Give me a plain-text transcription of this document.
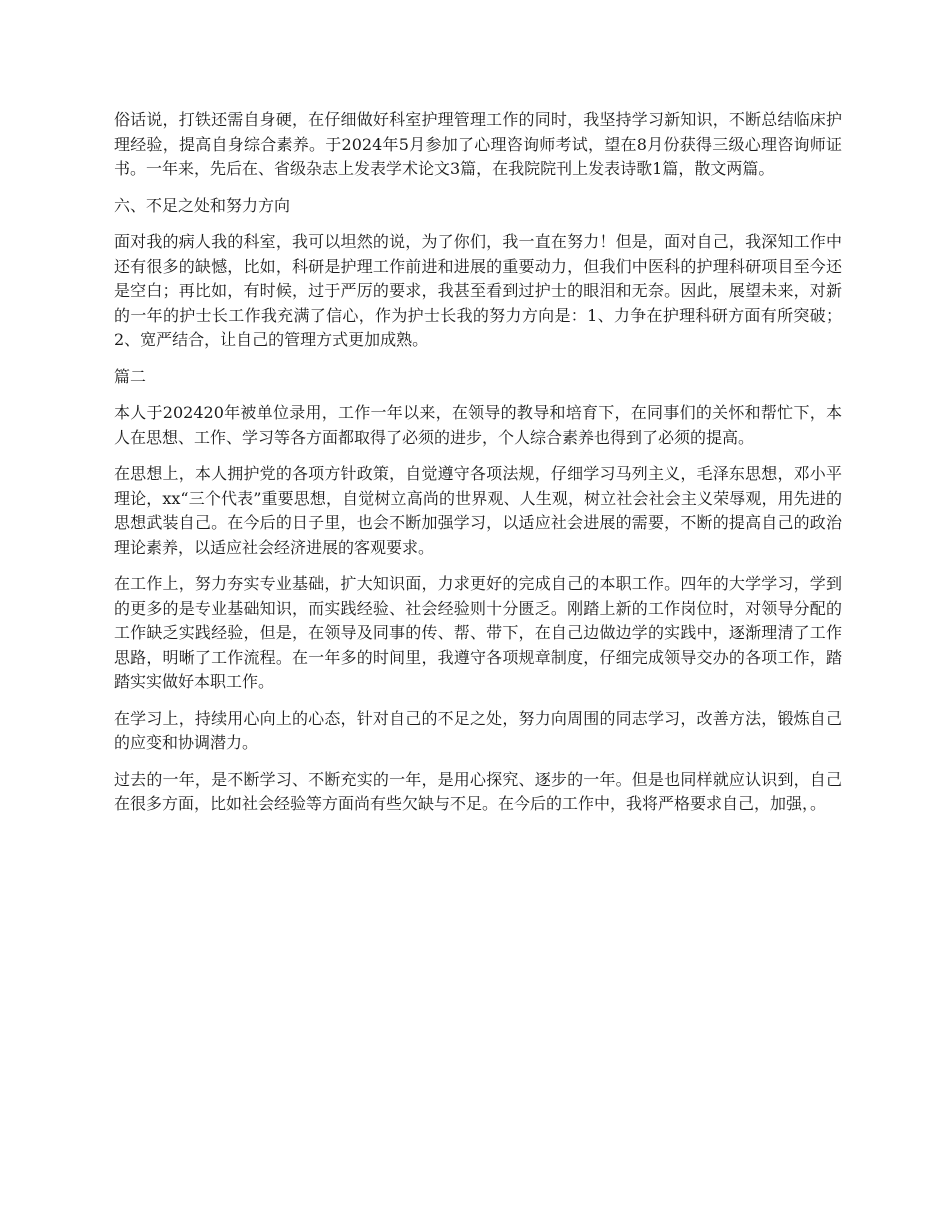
俗话说，打铁还需自身硬，在仔细做好科室护理管理工作的同时，我坚持学习新知识，不断总结临床护理经验，提高自身综合素养。于2024年5月参加了心理咨询师考试，望在8月份获得三级心理咨询师证书。一年来，先后在、省级杂志上发表学术论文3篇，在我院院刊上发表诗歌1篇，散文两篇。

六、不足之处和努力方向

面对我的病人我的科室，我可以坦然的说，为了你们，我一直在努力！但是，面对自己，我深知工作中还有很多的缺憾，比如，科研是护理工作前进和进展的重要动力，但我们中医科的护理科研项目至今还是空白；再比如，有时候，过于严厉的要求，我甚至看到过护士的眼泪和无奈。因此，展望未来，对新的一年的护士长工作我充满了信心，作为护士长我的努力方向是：1、力争在护理科研方面有所突破；2、宽严结合，让自己的管理方式更加成熟。

篇二

本人于202420年被单位录用，工作一年以来，在领导的教导和培育下，在同事们的关怀和帮忙下，本人在思想、工作、学习等各方面都取得了必须的进步，个人综合素养也得到了必须的提高。

在思想上，本人拥护党的各项方针政策，自觉遵守各项法规，仔细学习马列主义，毛泽东思想，邓小平理论，xx“三个代表”重要思想，自觉树立高尚的世界观、人生观，树立社会社会主义荣辱观，用先进的思想武装自己。在今后的日子里，也会不断加强学习，以适应社会进展的需要，不断的提高自己的政治理论素养，以适应社会经济进展的客观要求。

在工作上，努力夯实专业基础，扩大知识面，力求更好的完成自己的本职工作。四年的大学学习，学到的更多的是专业基础知识，而实践经验、社会经验则十分匮乏。刚踏上新的工作岗位时，对领导分配的工作缺乏实践经验，但是，在领导及同事的传、帮、带下，在自己边做边学的实践中，逐渐理清了工作思路，明晰了工作流程。在一年多的时间里，我遵守各项规章制度，仔细完成领导交办的各项工作，踏踏实实做好本职工作。

在学习上，持续用心向上的心态，针对自己的不足之处，努力向周围的同志学习，改善方法，锻炼自己的应变和协调潜力。

过去的一年，是不断学习、不断充实的一年，是用心探究、逐步的一年。但是也同样就应认识到，自己在很多方面，比如社会经验等方面尚有些欠缺与不足。在今后的工作中，我将严格要求自己，加强，。
